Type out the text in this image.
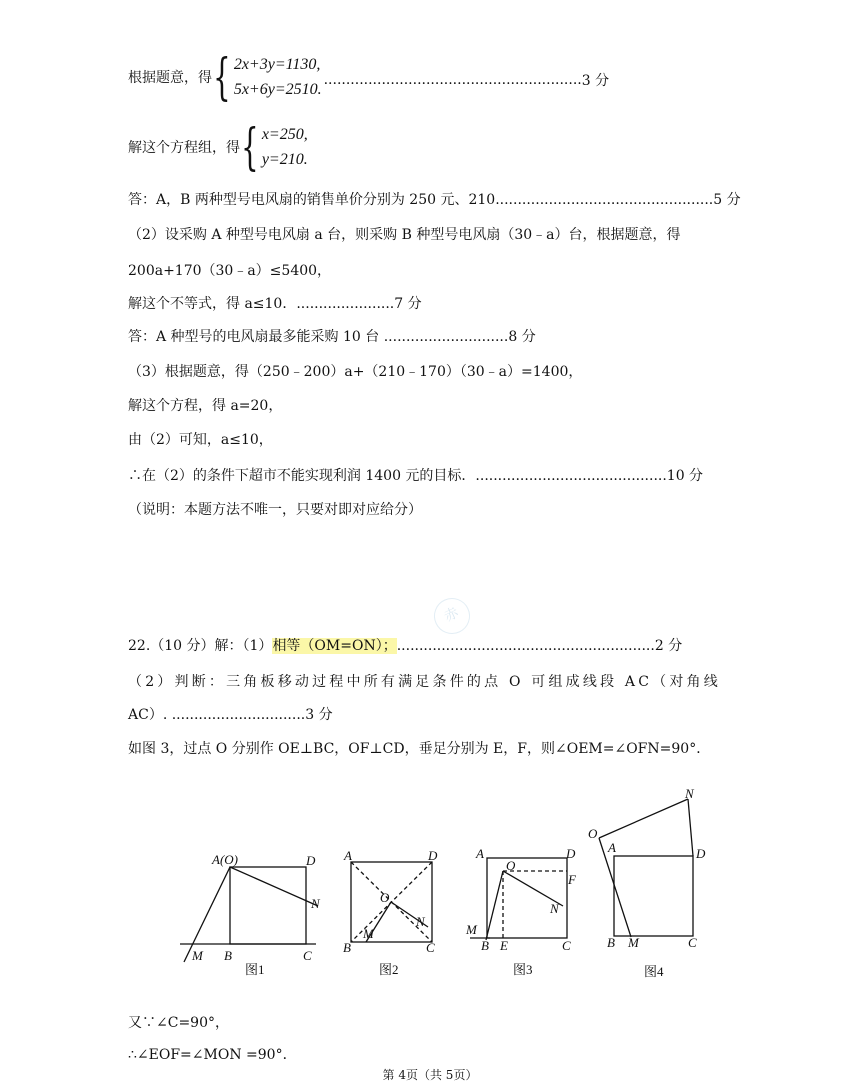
根据题意，得 { 2x+3y=1130,
5x+6y=2510.
.......................................................... 3 分
解这个方程组，得 { x=250,
y=210.
答：A，B 两种型号电风扇的销售单价分别为 250 元、210.................................................5 分
（2）设采购 A 种型号电风扇 a 台，则采购 B 种型号电风扇（30﹣a）台，根据题意，得
200a+170（30﹣a）≤5400，
解这个不等式，得 a≤10．......................7 分
答：A 种型号的电风扇最多能采购 10 台 ............................8 分
（3）根据题意，得（250﹣200）a+（210﹣170）（30﹣a）=1400，
解这个方程，得 a=20，
由（2）可知，a≤10，
∴在（2）的条件下超市不能实现利润 1400 元的目标．...........................................10 分
（说明：本题方法不唯一，只要对即对应给分）
赤
22.（10 分）解：（1）相等（OM=ON）；..........................................................2 分
（2）判断：三角板移动过程中所有满足条件的点 O 可组成线段 AC（对角线
AC）. ..............................3 分
如图 3，过点 O 分别作 OE⊥BC，OF⊥CD，垂足分别为 E，F，则∠OEM=∠OFN=90°．
A(O)	D
N
M B	C
A	D
O
M
N
B	C
A
O
D
F
N
M
B E	C
N
O
A	D
B M	C
图1	图2	图3	图4
又∵∠C=90°，
∴∠EOF=∠MON =90°．
第 4页（共 5页）
